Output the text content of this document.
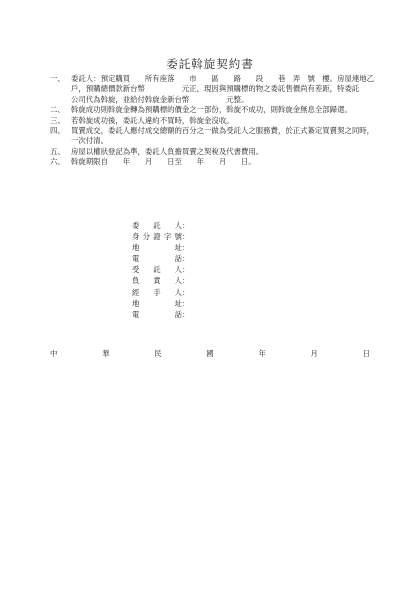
委託斡旋契約書
一、 委託人：預定購買　　所有座落　　市　　區　　路　　段　　巷　弄　號　樓。房屋連地乙戶，預購總價款新台幣　　　　　元正，現因與預購標的物之委託售價尚有差距，特委託　　　　　公司代為斡旋，並給付斡旋金新台幣　　　　　元整。
二、 斡旋成功則斡旋金轉為預購標的價金之一部份，斡旋不成功，則斡旋金無息全部歸還。
三、 若斡旋成功後，委託人違約不買時，斡旋金沒收。
四、 買賣成交，委託人應付成交總額的百分之一做為受託人之服務費，於正式簽定買賣契之同時，一次付清。
五、 房屋以權狀登記為準，委託人負擔買賣之契稅及代書費用。
六、 斡旋期限自　　年　　月　　日至　　年　　月　　日。
委託人 ：
身分證字號 ：
地址 ：
電話 ：
受託人 ：
負責人 ：
經手人 ：
地址 ：
電話 ：
中	華	民	國	年	月	日
